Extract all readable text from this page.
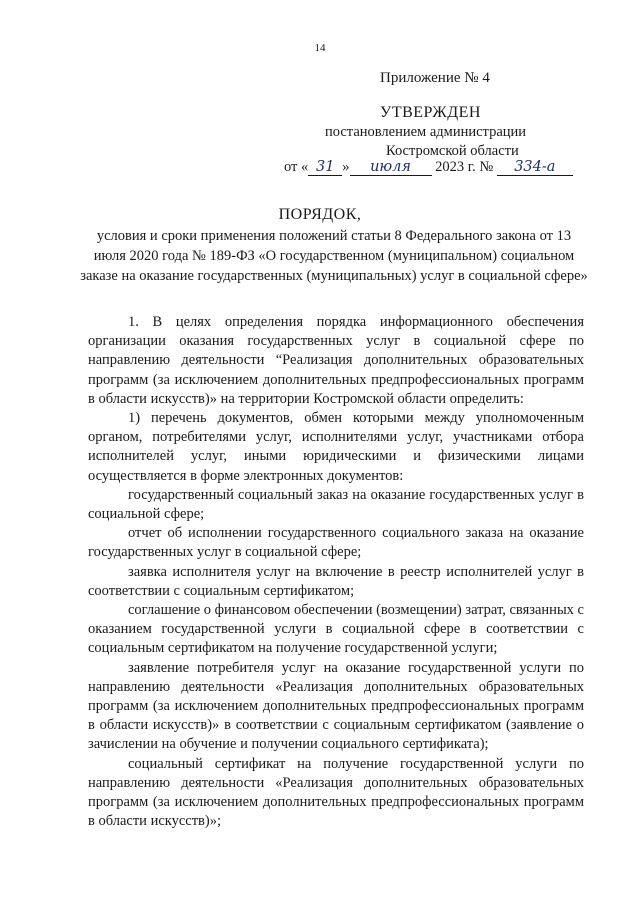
14
Приложение № 4
УТВЕРЖДЕН
постановлением администрации
Костромской области
от « 31 » июля 2023 г. № 334-а
ПОРЯДОК,
условия и сроки применения положений статьи 8 Федерального закона от 13 июля 2020 года № 189-ФЗ «О государственном (муниципальном) социальном заказе на оказание государственных (муниципальных) услуг в социальной сфере»

1. В целях определения порядка информационного обеспечения организации оказания государственных услуг в социальной сфере по направлению деятельности “Реализация дополнительных образовательных программ (за исключением дополнительных предпрофессиональных программ в области искусств)» на территории Костромской области определить:

1) перечень документов, обмен которыми между уполномоченным органом, потребителями услуг, исполнителями услуг, участниками отбора исполнителей услуг, иными юридическими и физическими лицами осуществляется в форме электронных документов:

государственный социальный заказ на оказание государственных услуг в социальной сфере;

отчет об исполнении государственного социального заказа на оказание государственных услуг в социальной сфере;

заявка исполнителя услуг на включение в реестр исполнителей услуг в соответствии с социальным сертификатом;

соглашение о финансовом обеспечении (возмещении) затрат, связанных с оказанием государственной услуги в социальной сфере в соответствии с социальным сертификатом на получение государственной услуги;

заявление потребителя услуг на оказание государственной услуги по направлению деятельности «Реализация дополнительных образовательных программ (за исключением дополнительных предпрофессиональных программ в области искусств)» в соответствии с социальным сертификатом (заявление о зачислении на обучение и получении социального сертификата);

социальный сертификат на получение государственной услуги по направлению деятельности «Реализация дополнительных образовательных программ (за исключением дополнительных предпрофессиональных программ в области искусств)»;
